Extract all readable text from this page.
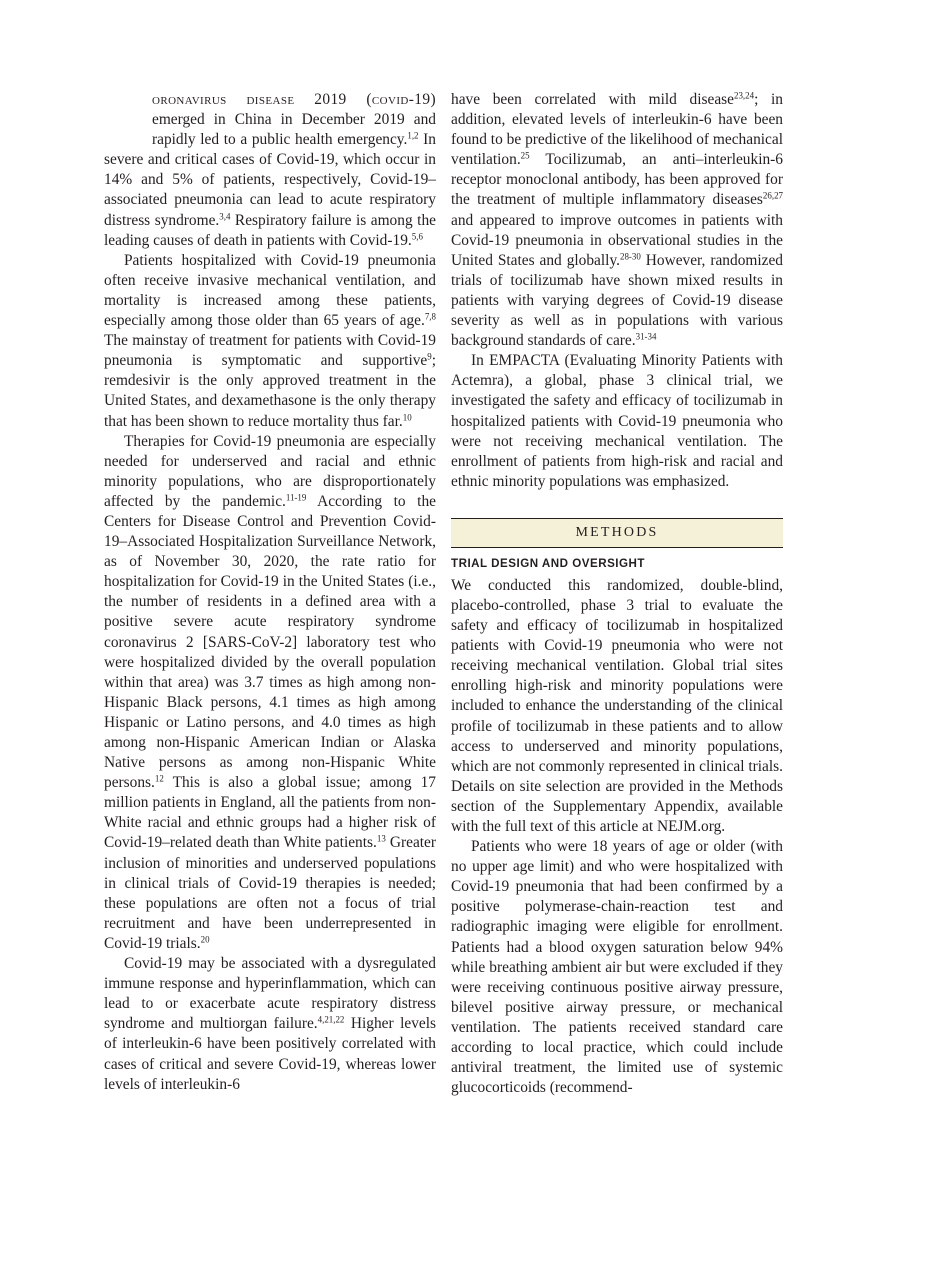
oronavirus disease 2019 (covid-19) emerged in China in December 2019 and rapidly led to a public health emergency.$^{1,2}$ In severe and critical cases of Covid-19, which occur in 14% and 5% of patients, respectively, Covid-19–associated pneumonia can lead to acute respiratory distress syndrome.$^{3,4}$ Respiratory failure is among the leading causes of death in patients with Covid-19.$^{5,6}$

Patients hospitalized with Covid-19 pneumonia often receive invasive mechanical ventilation, and mortality is increased among these patients, especially among those older than 65 years of age.$^{7,8}$ The mainstay of treatment for patients with Covid-19 pneumonia is symptomatic and supportive$^9$; remdesivir is the only approved treatment in the United States, and dexamethasone is the only therapy that has been shown to reduce mortality thus far.$^{10}$

Therapies for Covid-19 pneumonia are especially needed for underserved and racial and ethnic minority populations, who are disproportionately affected by the pandemic.$^{11-19}$ According to the Centers for Disease Control and Prevention Covid-19–Associated Hospitalization Surveillance Network, as of November 30, 2020, the rate ratio for hospitalization for Covid-19 in the United States (i.e., the number of residents in a defined area with a positive severe acute respiratory syndrome coronavirus 2 [SARS-CoV-2] laboratory test who were hospitalized divided by the overall population within that area) was 3.7 times as high among non-Hispanic Black persons, 4.1 times as high among Hispanic or Latino persons, and 4.0 times as high among non-Hispanic American Indian or Alaska Native persons as among non-Hispanic White persons.$^{12}$ This is also a global issue; among 17 million patients in England, all the patients from non-White racial and ethnic groups had a higher risk of Covid-19–related death than White patients.$^{13}$ Greater inclusion of minorities and underserved populations in clinical trials of Covid-19 therapies is needed; these populations are often not a focus of trial recruitment and have been underrepresented in Covid-19 trials.$^{20}$

Covid-19 may be associated with a dysregulated immune response and hyperinflammation, which can lead to or exacerbate acute respiratory distress syndrome and multiorgan failure.$^{4,21,22}$ Higher levels of interleukin-6 have been positively correlated with cases of critical and severe Covid-19, whereas lower levels of interleukin-6

have been correlated with mild disease$^{23,24}$; in addition, elevated levels of interleukin-6 have been found to be predictive of the likelihood of mechanical ventilation.$^{25}$ Tocilizumab, an anti–interleukin-6 receptor monoclonal antibody, has been approved for the treatment of multiple inflammatory diseases$^{26,27}$ and appeared to improve outcomes in patients with Covid-19 pneumonia in observational studies in the United States and globally.$^{28-30}$ However, randomized trials of tocilizumab have shown mixed results in patients with varying degrees of Covid-19 disease severity as well as in populations with various background standards of care.$^{31-34}$

In EMPACTA (Evaluating Minority Patients with Actemra), a global, phase 3 clinical trial, we investigated the safety and efficacy of tocilizumab in hospitalized patients with Covid-19 pneumonia who were not receiving mechanical ventilation. The enrollment of patients from high-risk and racial and ethnic minority populations was emphasized.

METHODS
TRIAL DESIGN AND OVERSIGHT

We conducted this randomized, double-blind, placebo-controlled, phase 3 trial to evaluate the safety and efficacy of tocilizumab in hospitalized patients with Covid-19 pneumonia who were not receiving mechanical ventilation. Global trial sites enrolling high-risk and minority populations were included to enhance the understanding of the clinical profile of tocilizumab in these patients and to allow access to underserved and minority populations, which are not commonly represented in clinical trials. Details on site selection are provided in the Methods section of the Supplementary Appendix, available with the full text of this article at NEJM.org.

Patients who were 18 years of age or older (with no upper age limit) and who were hospitalized with Covid-19 pneumonia that had been confirmed by a positive polymerase-chain-reaction test and radiographic imaging were eligible for enrollment. Patients had a blood oxygen saturation below 94% while breathing ambient air but were excluded if they were receiving continuous positive airway pressure, bilevel positive airway pressure, or mechanical ventilation. The patients received standard care according to local practice, which could include antiviral treatment, the limited use of systemic glucocorticoids (recommend-
